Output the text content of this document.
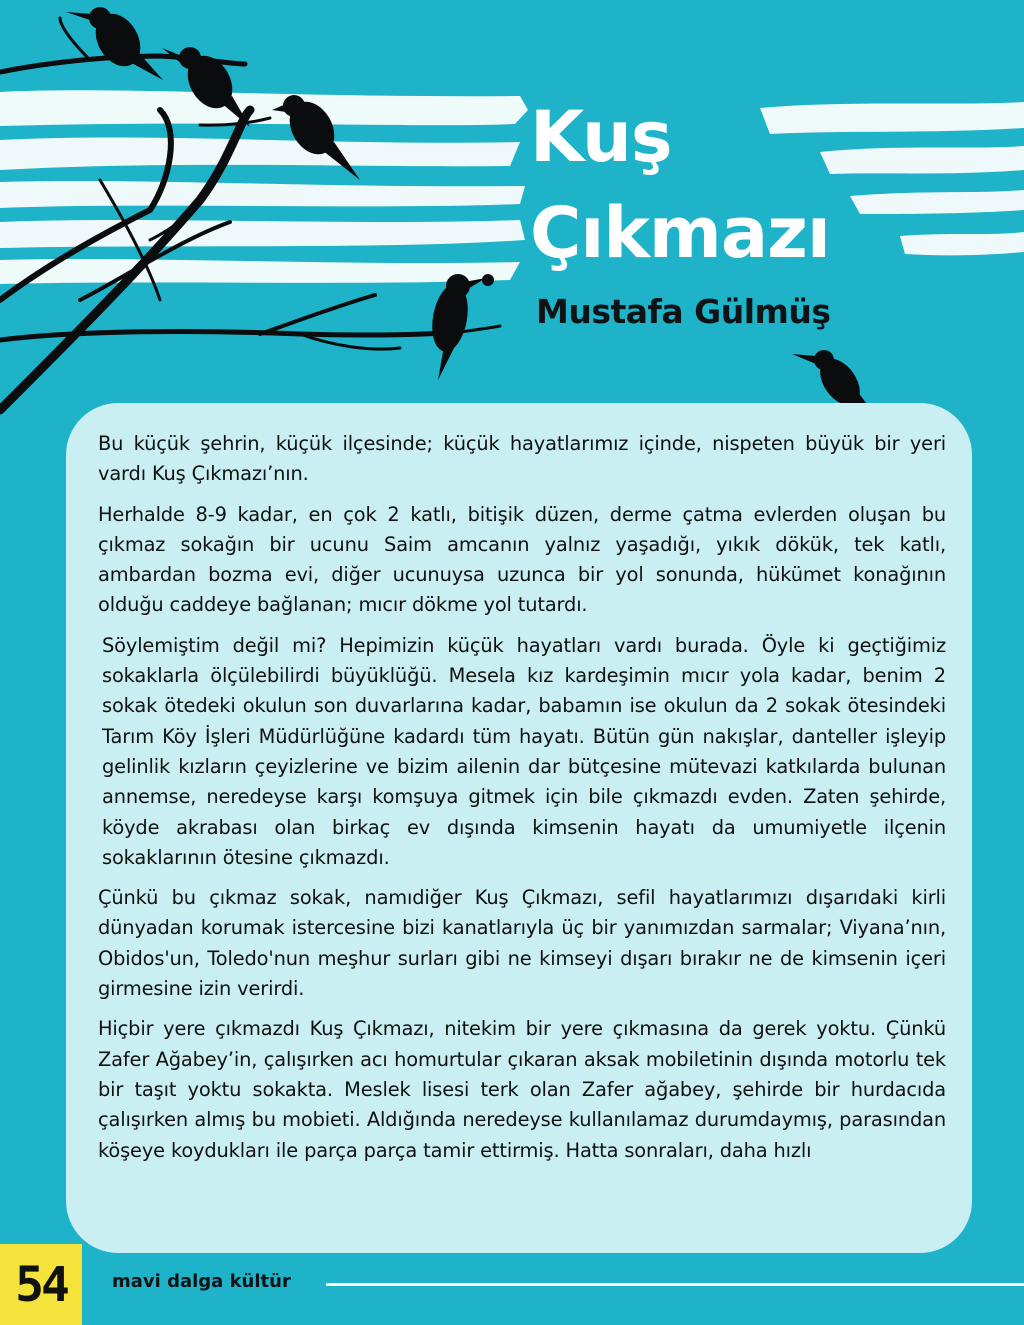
Kuş
Çıkmazı
Mustafa Gülmüş

Bu küçük şehrin, küçük ilçesinde; küçük hayatlarımız içinde, nispeten büyük bir yeri vardı Kuş Çıkmazı’nın.

Herhalde 8-9 kadar, en çok 2 katlı, bitişik düzen, derme çatma evlerden oluşan bu çıkmaz sokağın bir ucunu Saim amcanın yalnız yaşadığı, yıkık dökük, tek katlı, ambardan bozma evi, diğer ucunuysa uzunca bir yol sonunda, hükümet konağının olduğu caddeye bağlanan; mıcır dökme yol tutardı.

Söylemiştim değil mi? Hepimizin küçük hayatları vardı burada. Öyle ki geçtiğimiz sokaklarla ölçülebilirdi büyüklüğü. Mesela kız kardeşimin mıcır yola kadar, benim 2 sokak ötedeki okulun son duvarlarına kadar, babamın ise okulun da 2 sokak ötesindeki Tarım Köy İşleri Müdürlüğüne kadardı tüm hayatı. Bütün gün nakışlar, danteller işleyip gelinlik kızların çeyizlerine ve bizim ailenin dar bütçesine mütevazi katkılarda bulunan annemse, neredeyse karşı komşuya gitmek için bile çıkmazdı evden. Zaten şehirde, köyde akrabası olan birkaç ev dışında kimsenin hayatı da umumiyetle ilçenin sokaklarının ötesine çıkmazdı.

Çünkü bu çıkmaz sokak, namıdiğer Kuş Çıkmazı, sefil hayatlarımızı dışarıdaki kirli dünyadan korumak istercesine bizi kanatlarıyla üç bir yanımızdan sarmalar; Viyana’nın, Obidos'un, Toledo'nun meşhur surları gibi ne kimseyi dışarı bırakır ne de kimsenin içeri girmesine izin verirdi.

Hiçbir yere çıkmazdı Kuş Çıkmazı, nitekim bir yere çıkmasına da gerek yoktu. Çünkü Zafer Ağabey’in, çalışırken acı homurtular çıkaran aksak mobiletinin dışında motorlu tek bir taşıt yoktu sokakta. Meslek lisesi terk olan Zafer ağabey, şehirde bir hurdacıda çalışırken almış bu mobieti. Aldığında neredeyse kullanılamaz durumdaymış, parasından köşeye koydukları ile parça parça tamir ettirmiş. Hatta sonraları, daha hızlı

54	mavi dalga kültür
